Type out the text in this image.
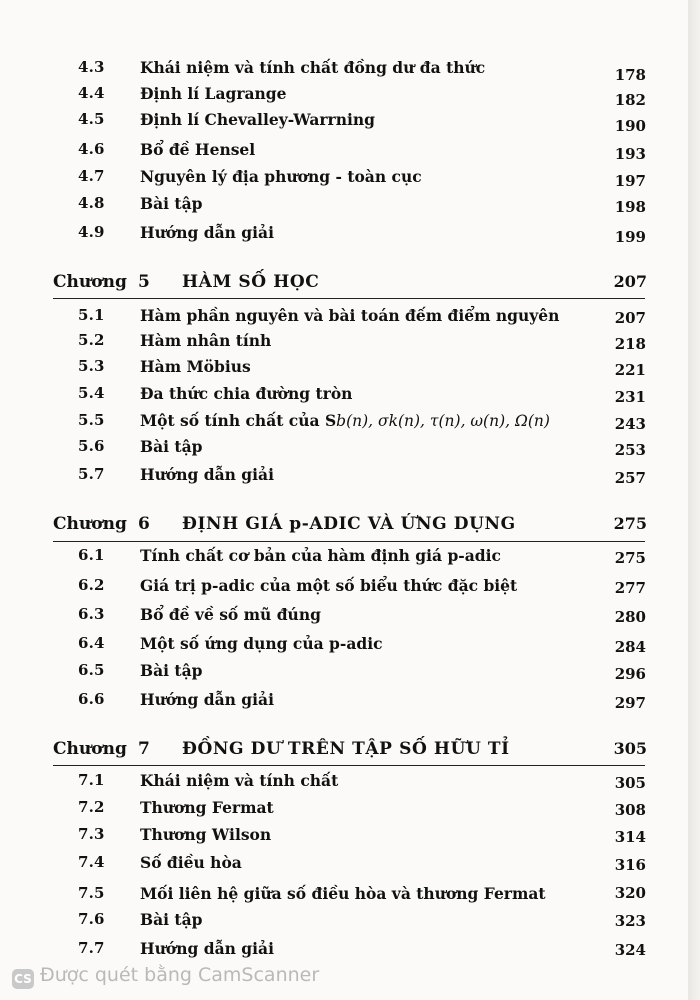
4.3 Khái niệm và tính chất đồng dư đa thức	178
4.4 Định lí Lagrange	182
4.5 Định lí Chevalley-Warrning	190
4.6 Bổ đề Hensel	193
4.7 Nguyên lý địa phương - toàn cục	197
4.8 Bài tập	198
4.9 Hướng dẫn giải	199
Chương 5 HÀM SỐ HỌC	207
5.1 Hàm phần nguyên và bài toán đếm điểm nguyên	207
5.2 Hàm nhân tính	218
5.3 Hàm Möbius	221
5.4 Đa thức chia đường tròn	231
5.5 Một số tính chất của Sb(n), σk(n), τ(n), ω(n), Ω(n)	243
5.6 Bài tập	253
5.7 Hướng dẫn giải	257
Chương 6 ĐỊNH GIÁ p-ADIC VÀ ỨNG DỤNG	275
6.1 Tính chất cơ bản của hàm định giá p-adic	275
6.2 Giá trị p-adic của một số biểu thức đặc biệt	277
6.3 Bổ đề về số mũ đúng	280
6.4 Một số ứng dụng của p-adic	284
6.5 Bài tập	296
6.6 Hướng dẫn giải	297
Chương 7 ĐỒNG DƯ TRÊN TẬP SỐ HỮU TỈ	305
7.1 Khái niệm và tính chất	305
7.2 Thương Fermat	308
7.3 Thương Wilson	314
7.4 Số điều hòa	316
7.5 Mối liên hệ giữa số điều hòa và thương Fermat	320
7.6 Bài tập	323
7.7 Hướng dẫn giải	324
CS Được quét bằng CamScanner
